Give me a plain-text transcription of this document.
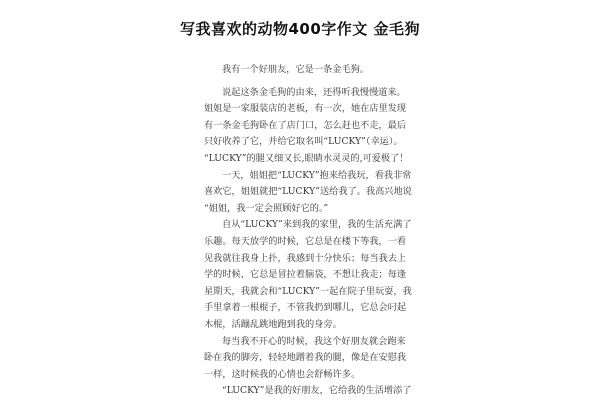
写我喜欢的动物400字作文 金毛狗
我有一个好朋友，它是一条金毛狗。
说起这条金毛狗的由来，还得听我慢慢道来。
姐姐是一家服装店的老板，有一次，她在店里发现
有一条金毛狗卧在了店门口，怎么赶也不走，最后
只好收养了它，并给它取名叫“LUCKY”（幸运）。
“LUCKY”的腿又细又长,眼睛水灵灵的,可爱极了！
一天，姐姐把“LUCKY”抱来给我玩，看我非常
喜欢它，姐姐就把“LUCKY”送给我了。我高兴地说
“姐姐，我一定会照顾好它的。”
自从“LUCKY”来到我的家里，我的生活充满了
乐趣。每天放学的时候，它总是在楼下等我，一看
见我就往我身上扑，我感到十分快乐；每当我去上
学的时候，它总是冒拉着脑袋，不想让我走；每逢
星期天，我就会和“LUCKY”一起在院子里玩耍，我
手里拿着一根棍子，不管我扔到哪儿，它总会叼起
木棍，活蹦乱跳地跑到我的身旁。
每当我不开心的时候，我这个好朋友就会跑来
卧在我的脚旁，轻轻地蹭着我的腿，像是在安慰我
一样，这时候我的心情也会舒畅许多。
“LUCKY”是我的好朋友，它给我的生活增添了
